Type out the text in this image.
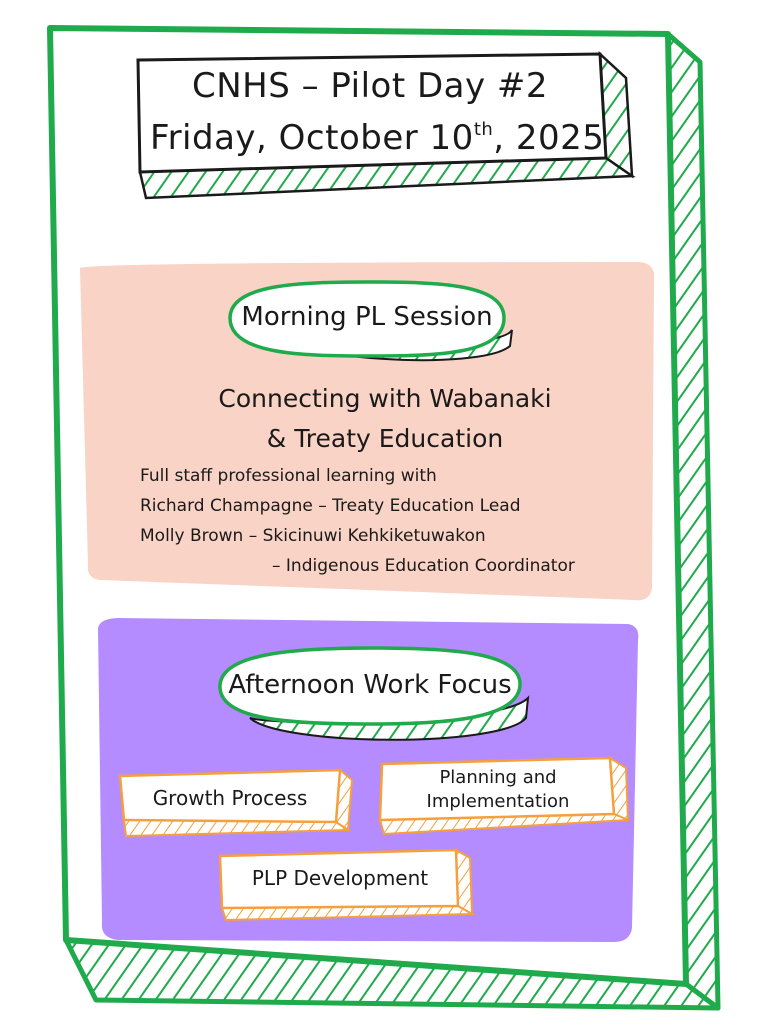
CNHS – Pilot Day #2
Friday, October 10th, 2025
Morning PL Session
Connecting with Wabanaki
& Treaty Education
Full staff professional learning with
Richard Champagne – Treaty Education Lead
Molly Brown – Skicinuwi Kehkiketuwakon
– Indigenous Education Coordinator
Afternoon Work Focus
Growth Process
Planning and Implementation
PLP Development
